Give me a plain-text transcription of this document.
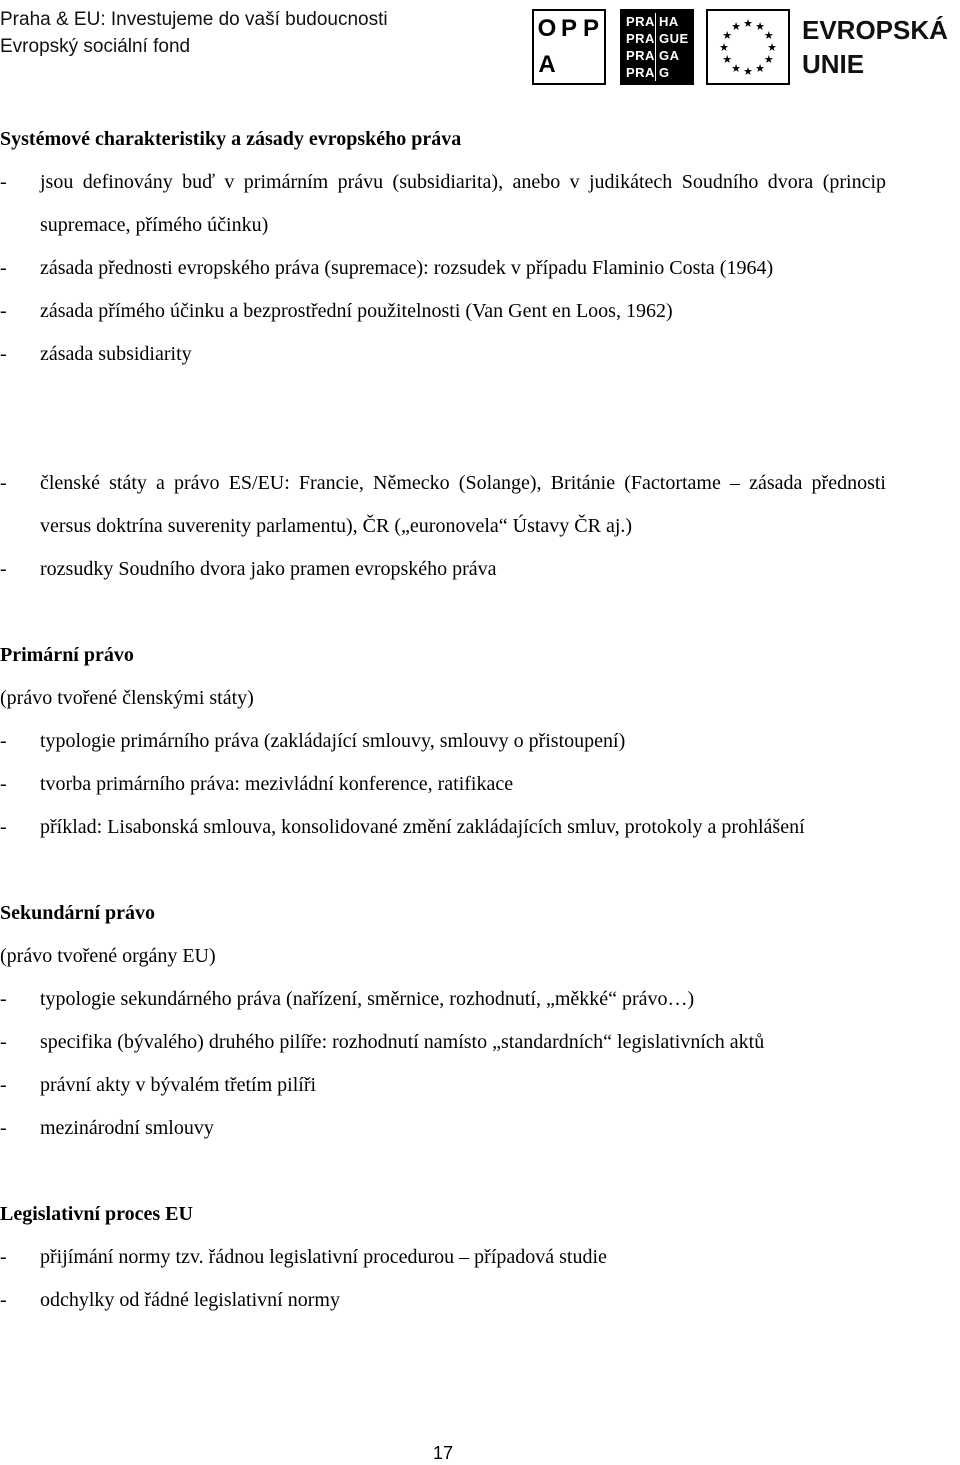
Praha & EU: Investujeme do vaší budoucnosti
Evropský sociální fond
O P P
A
PRA HA
PRA GUE
PRA GA
PRA G
★ ★
★
★
★
★
★
★
★
★
★
★ EVROPSKÁ
UNIE

Systémové charakteristiky a zásady evropského práva

-	jsou definovány buď v primárním právu (subsidiarita), anebo v judikátech Soudního dvora (princip supremace, přímého účinku)
-	zásada přednosti evropského práva (supremace): rozsudek v případu Flaminio Costa (1964)
-	zásada přímého účinku a bezprostřední použitelnosti (Van Gent en Loos, 1962)
-	zásada subsidiarity
-	členské státy a právo ES/EU: Francie, Německo (Solange), Británie (Factortame – zásada přednosti versus doktrína suverenity parlamentu), ČR („euronovela“ Ústavy ČR aj.)
-	rozsudky Soudního dvora jako pramen evropského práva

Primární právo

(právo tvořené členskými státy)

-	typologie primárního práva (zakládající smlouvy, smlouvy o přistoupení)
-	tvorba primárního práva: mezivládní konference, ratifikace
-	příklad: Lisabonská smlouva, konsolidované změní zakládajících smluv, protokoly a prohlášení

Sekundární právo

(právo tvořené orgány EU)

-	typologie sekundárného práva (nařízení, směrnice, rozhodnutí, „měkké“ právo…)
-	specifika (bývalého) druhého pilíře: rozhodnutí namísto „standardních“ legislativních aktů
-	právní akty v bývalém třetím pilíři
-	mezinárodní smlouvy

Legislativní proces EU

-	přijímání normy tzv. řádnou legislativní procedurou – případová studie
-	odchylky od řádné legislativní normy
17
